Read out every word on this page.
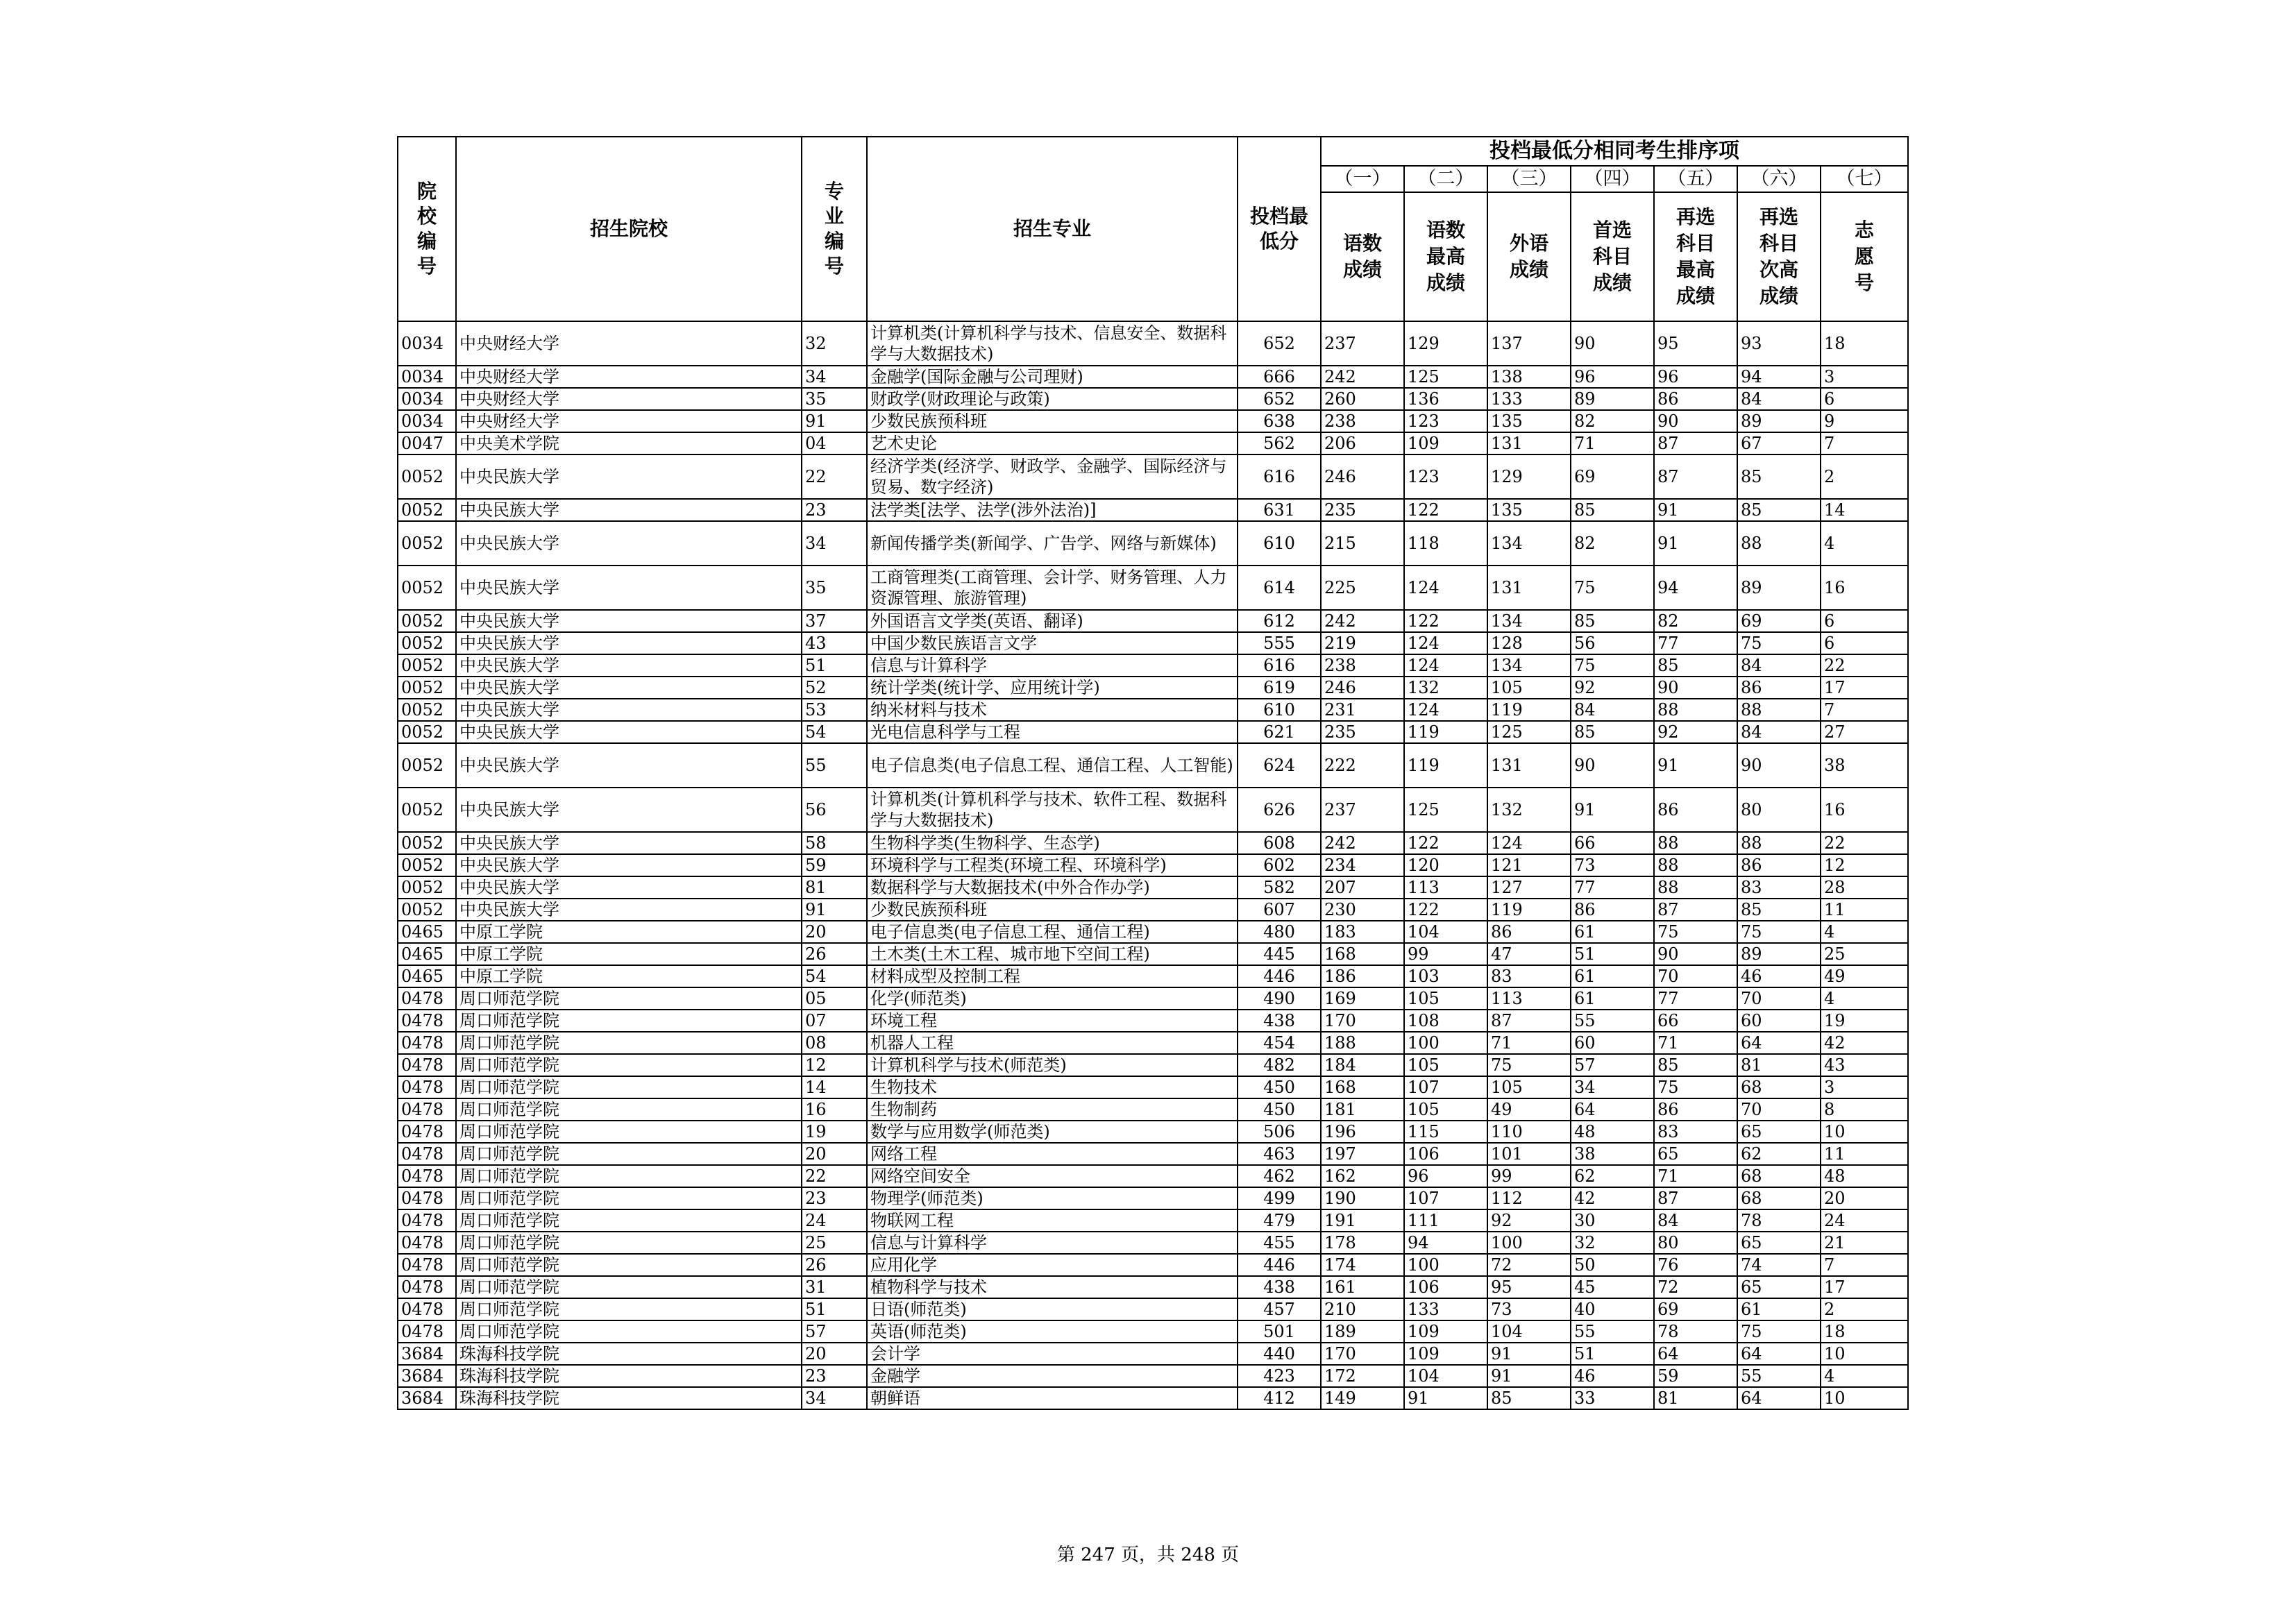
院校编号	招生院校	专业编号	招生专业	投档最低分	投档最低分相同考生排序项						
					（一）	（二）	（三）	（四）	（五）	（六）	（七）
					语数成绩	语数最高成绩	外语成绩	首选科目成绩	再选科目最高成绩	再选科目次高成绩	志愿号
0034	中央财经大学	32	计算机类(计算机科学与技术、信息安全、数据科学与大数据技术)	652	237	129	137	90	95	93	18
0034	中央财经大学	34	金融学(国际金融与公司理财)	666	242	125	138	96	96	94	3
0034	中央财经大学	35	财政学(财政理论与政策)	652	260	136	133	89	86	84	6
0034	中央财经大学	91	少数民族预科班	638	238	123	135	82	90	89	9
0047	中央美术学院	04	艺术史论	562	206	109	131	71	87	67	7
0052	中央民族大学	22	经济学类(经济学、财政学、金融学、国际经济与贸易、数字经济)	616	246	123	129	69	87	85	2
0052	中央民族大学	23	法学类[法学、法学(涉外法治)]	631	235	122	135	85	91	85	14
0052	中央民族大学	34	新闻传播学类(新闻学、广告学、网络与新媒体)	610	215	118	134	82	91	88	4
0052	中央民族大学	35	工商管理类(工商管理、会计学、财务管理、人力资源管理、旅游管理)	614	225	124	131	75	94	89	16
0052	中央民族大学	37	外国语言文学类(英语、翻译)	612	242	122	134	85	82	69	6
0052	中央民族大学	43	中国少数民族语言文学	555	219	124	128	56	77	75	6
0052	中央民族大学	51	信息与计算科学	616	238	124	134	75	85	84	22
0052	中央民族大学	52	统计学类(统计学、应用统计学)	619	246	132	105	92	90	86	17
0052	中央民族大学	53	纳米材料与技术	610	231	124	119	84	88	88	7
0052	中央民族大学	54	光电信息科学与工程	621	235	119	125	85	92	84	27
0052	中央民族大学	55	电子信息类(电子信息工程、通信工程、人工智能)	624	222	119	131	90	91	90	38
0052	中央民族大学	56	计算机类(计算机科学与技术、软件工程、数据科学与大数据技术)	626	237	125	132	91	86	80	16
0052	中央民族大学	58	生物科学类(生物科学、生态学)	608	242	122	124	66	88	88	22
0052	中央民族大学	59	环境科学与工程类(环境工程、环境科学)	602	234	120	121	73	88	86	12
0052	中央民族大学	81	数据科学与大数据技术(中外合作办学)	582	207	113	127	77	88	83	28
0052	中央民族大学	91	少数民族预科班	607	230	122	119	86	87	85	11
0465	中原工学院	20	电子信息类(电子信息工程、通信工程)	480	183	104	86	61	75	75	4
0465	中原工学院	26	土木类(土木工程、城市地下空间工程)	445	168	99	47	51	90	89	25
0465	中原工学院	54	材料成型及控制工程	446	186	103	83	61	70	46	49
0478	周口师范学院	05	化学(师范类)	490	169	105	113	61	77	70	4
0478	周口师范学院	07	环境工程	438	170	108	87	55	66	60	19
0478	周口师范学院	08	机器人工程	454	188	100	71	60	71	64	42
0478	周口师范学院	12	计算机科学与技术(师范类)	482	184	105	75	57	85	81	43
0478	周口师范学院	14	生物技术	450	168	107	105	34	75	68	3
0478	周口师范学院	16	生物制药	450	181	105	49	64	86	70	8
0478	周口师范学院	19	数学与应用数学(师范类)	506	196	115	110	48	83	65	10
0478	周口师范学院	20	网络工程	463	197	106	101	38	65	62	11
0478	周口师范学院	22	网络空间安全	462	162	96	99	62	71	68	48
0478	周口师范学院	23	物理学(师范类)	499	190	107	112	42	87	68	20
0478	周口师范学院	24	物联网工程	479	191	111	92	30	84	78	24
0478	周口师范学院	25	信息与计算科学	455	178	94	100	32	80	65	21
0478	周口师范学院	26	应用化学	446	174	100	72	50	76	74	7
0478	周口师范学院	31	植物科学与技术	438	161	106	95	45	72	65	17
0478	周口师范学院	51	日语(师范类)	457	210	133	73	40	69	61	2
0478	周口师范学院	57	英语(师范类)	501	189	109	104	55	78	75	18
3684	珠海科技学院	20	会计学	440	170	109	91	51	64	64	10
3684	珠海科技学院	23	金融学	423	172	104	91	46	59	55	4
3684	珠海科技学院	34	朝鲜语	412	149	91	85	33	81	64	10
第 247 页，共 248 页
